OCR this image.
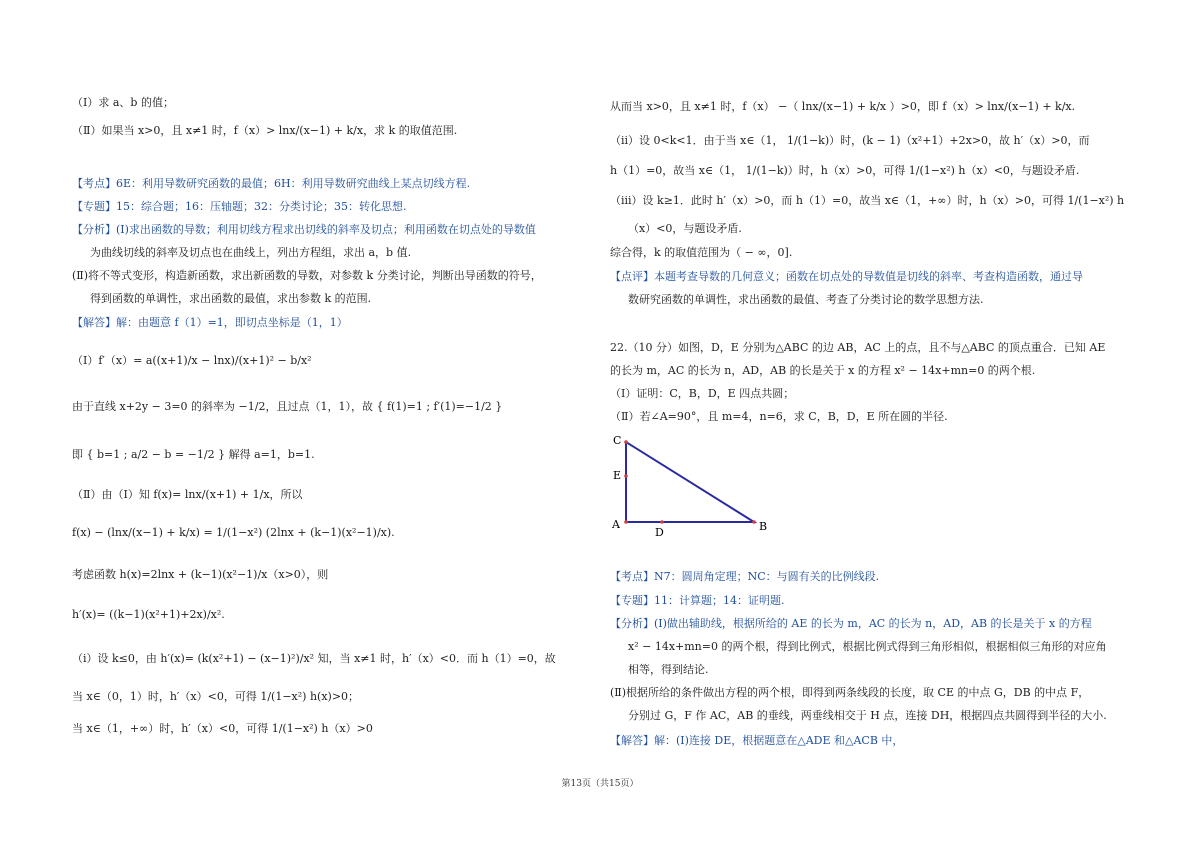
（Ⅰ）求 a、b 的值；
（Ⅱ）如果当 x>0，且 x≠1 时，f（x）> lnx/(x−1) + k/x，求 k 的取值范围.
【考点】6E：利用导数研究函数的最值；6H：利用导数研究曲线上某点切线方程.
【专题】15：综合题；16：压轴题；32：分类讨论；35：转化思想.
【分析】(Ⅰ)求出函数的导数；利用切线方程求出切线的斜率及切点；利用函数在切点处的导数值
为曲线切线的斜率及切点也在曲线上，列出方程组，求出 a，b 值.
(Ⅱ)将不等式变形，构造新函数，求出新函数的导数，对参数 k 分类讨论，判断出导函数的符号，
得到函数的单调性，求出函数的最值，求出参数 k 的范围.
【解答】解：由题意 f（1）=1，即切点坐标是（1，1）
（Ⅰ）f′（x）= a((x+1)/x − lnx)/(x+1)² − b/x²
由于直线 x+2y − 3=0 的斜率为 −1/2，且过点（1，1），故 { f(1)=1 ; f′(1)=−1/2 }
即 { b=1 ; a/2 − b = −1/2 } 解得 a=1，b=1.
（Ⅱ）由（Ⅰ）知 f(x)= lnx/(x+1) + 1/x，所以
f(x) − (lnx/(x−1) + k/x) = 1/(1−x²) (2lnx + (k−1)(x²−1)/x).
考虑函数 h(x)=2lnx + (k−1)(x²−1)/x（x>0），则
h′(x)= ((k−1)(x²+1)+2x)/x².
（i）设 k≤0，由 h′(x)= (k(x²+1) − (x−1)²)/x² 知，当 x≠1 时，h′（x）<0．而 h（1）=0，故
当 x∈（0，1）时，h′（x）<0，可得 1/(1−x²) h(x)>0；
当 x∈（1，+∞）时，h′（x）<0，可得 1/(1−x²) h（x）>0
从而当 x>0，且 x≠1 时，f（x） −（ lnx/(x−1) + k/x ）>0，即 f（x）> lnx/(x−1) + k/x.
（ii）设 0<k<1．由于当 x∈（1， 1/(1−k)）时，(k − 1)（x²+1）+2x>0，故 h′（x）>0，而
h（1）=0，故当 x∈（1， 1/(1−k)）时，h（x）>0，可得 1/(1−x²) h（x）<0，与题设矛盾.
（iii）设 k≥1．此时 h′（x）>0，而 h（1）=0，故当 x∈（1，+∞）时，h（x）>0，可得 1/(1−x²) h
（x）<0，与题设矛盾.
综合得，k 的取值范围为（ − ∞，0].
【点评】本题考查导数的几何意义；函数在切点处的导数值是切线的斜率、考查构造函数，通过导
数研究函数的单调性，求出函数的最值、考查了分类讨论的数学思想方法.
22.（10 分）如图，D，E 分别为△ABC 的边 AB，AC 上的点，且不与△ABC 的顶点重合．已知 AE
的长为 m，AC 的长为 n，AD，AB 的长是关于 x 的方程 x² − 14x+mn=0 的两个根.
（Ⅰ）证明：C，B，D，E 四点共圆；
（Ⅱ）若∠A=90°，且 m=4，n=6，求 C，B，D，E 所在圆的半径.
【考点】N7：圆周角定理；NC：与圆有关的比例线段.
【专题】11：计算题；14：证明题.
【分析】(Ⅰ)做出辅助线，根据所给的 AE 的长为 m，AC 的长为 n，AD，AB 的长是关于 x 的方程
x² − 14x+mn=0 的两个根，得到比例式，根据比例式得到三角形相似，根据相似三角形的对应角
相等，得到结论.
(Ⅱ)根据所给的条件做出方程的两个根，即得到两条线段的长度，取 CE 的中点 G，DB 的中点 F，
分别过 G，F 作 AC，AB 的垂线，两垂线相交于 H 点，连接 DH，根据四点共圆得到半径的大小.
【解答】解：(Ⅰ)连接 DE，根据题意在△ADE 和△ACB 中，
C
E
A
D	B
第13页（共15页）
